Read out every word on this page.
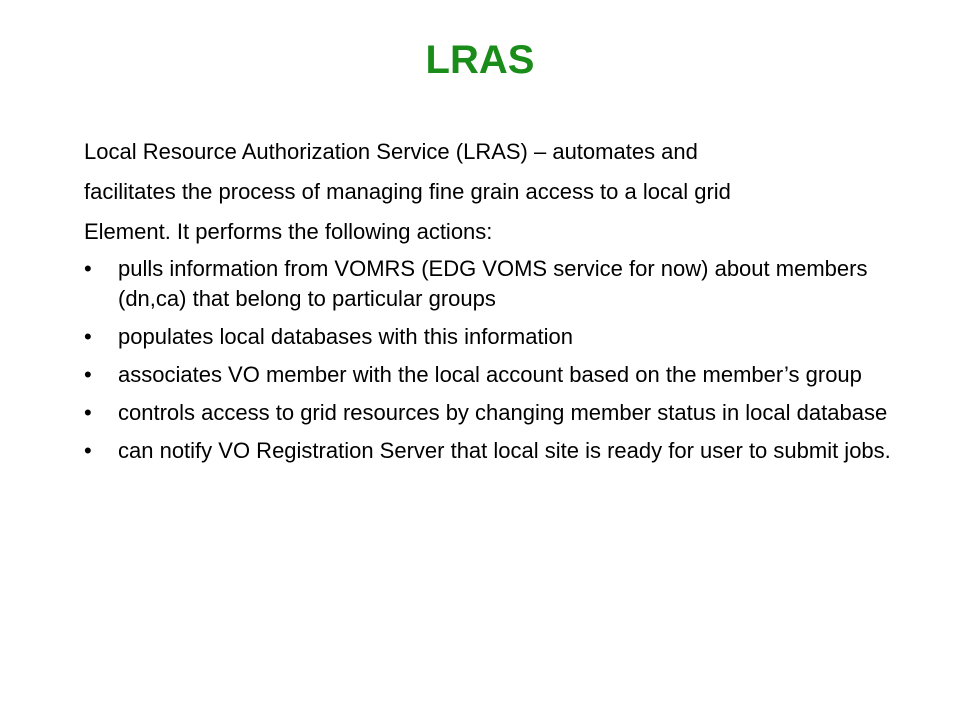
LRAS
Local Resource Authorization Service (LRAS) – automates and
facilitates the process of managing fine grain access to a local grid
Element. It performs the following actions:
•	pulls information from VOMRS (EDG VOMS service for now) about members (dn,ca) that belong to particular groups
•	populates local databases with this information
•	associates VO member with the local account based on the member’s group
•	controls access to grid resources by changing member status in local database
•	can notify VO Registration Server that local site is ready for user to submit jobs.
